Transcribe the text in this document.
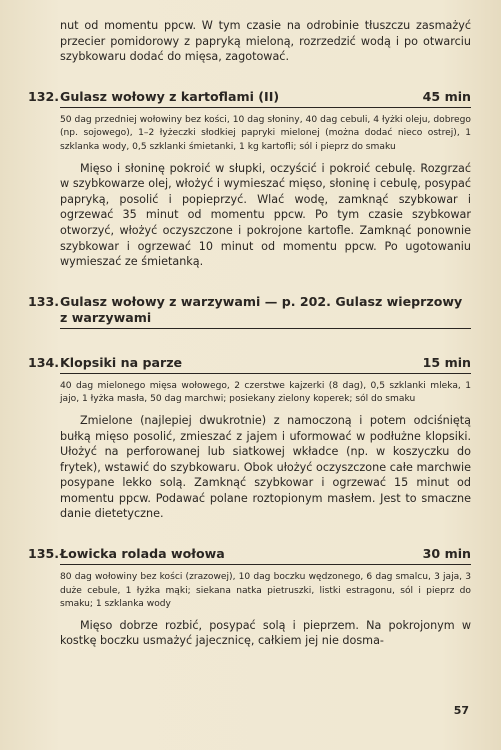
nut od momentu ppcw. W tym czasie na odrobinie tłuszczu zasmażyć przecier pomidorowy z papryką mieloną, rozrzedzić wodą i po otwarciu szybkowaru dodać do mięsa, zagotować.

132. Gulasz wołowy z kartoflami (II)	45 min

50 dag przedniej wołowiny bez kości, 10 dag słoniny, 40 dag cebuli, 4 łyżki oleju, dobrego (np. sojowego), 1–2 łyżeczki słodkiej papryki mielonej (można dodać nieco ostrej), 1 szklanka wody, 0,5 szklanki śmietanki, 1 kg kartofli; sól i pieprz do smaku

Mięso i słoninę pokroić w słupki, oczyścić i pokroić cebulę. Rozgrzać w szybkowarze olej, włożyć i wymieszać mięso, słoninę i cebulę, posypać papryką, posolić i popieprzyć. Wlać wodę, zamknąć szybkowar i ogrzewać 35 minut od momentu ppcw. Po tym czasie szybkowar otworzyć, włożyć oczyszczone i pokrojone kartofle. Zamknąć ponownie szybkowar i ogrzewać 10 minut od momentu ppcw. Po ugotowaniu wymieszać ze śmietanką.

133.Gulasz wołowy z warzywami — p. 202. Gulasz wieprzowy
z warzywami
134. Klopsiki na parze	15 min

40 dag mielonego mięsa wołowego, 2 czerstwe kajzerki (8 dag), 0,5 szklanki mleka, 1 jajo, 1 łyżka masła, 50 dag marchwi; posiekany zielony koperek; sól do smaku

Zmielone (najlepiej dwukrotnie) z namoczoną i potem odciśniętą bułką mięso posolić, zmieszać z jajem i uformować w podłużne klopsiki. Ułożyć na perforowanej lub siatkowej wkładce (np. w koszyczku do frytek), wstawić do szybkowaru. Obok ułożyć oczyszczone całe marchwie posypane lekko solą. Zamknąć szybkowar i ogrzewać 15 minut od momentu ppcw. Podawać polane roztopionym masłem. Jest to smaczne danie dietetyczne.

135. Łowicka rolada wołowa	30 min

80 dag wołowiny bez kości (zrazowej), 10 dag boczku wędzonego, 6 dag smalcu, 3 jaja, 3 duże cebule, 1 łyżka mąki; siekana natka pietruszki, listki estragonu, sól i pieprz do smaku; 1 szklanka wody

Mięso dobrze rozbić, posypać solą i pieprzem. Na pokrojonym w kostkę boczku usmażyć jajecznicę, całkiem jej nie dosma-

57
